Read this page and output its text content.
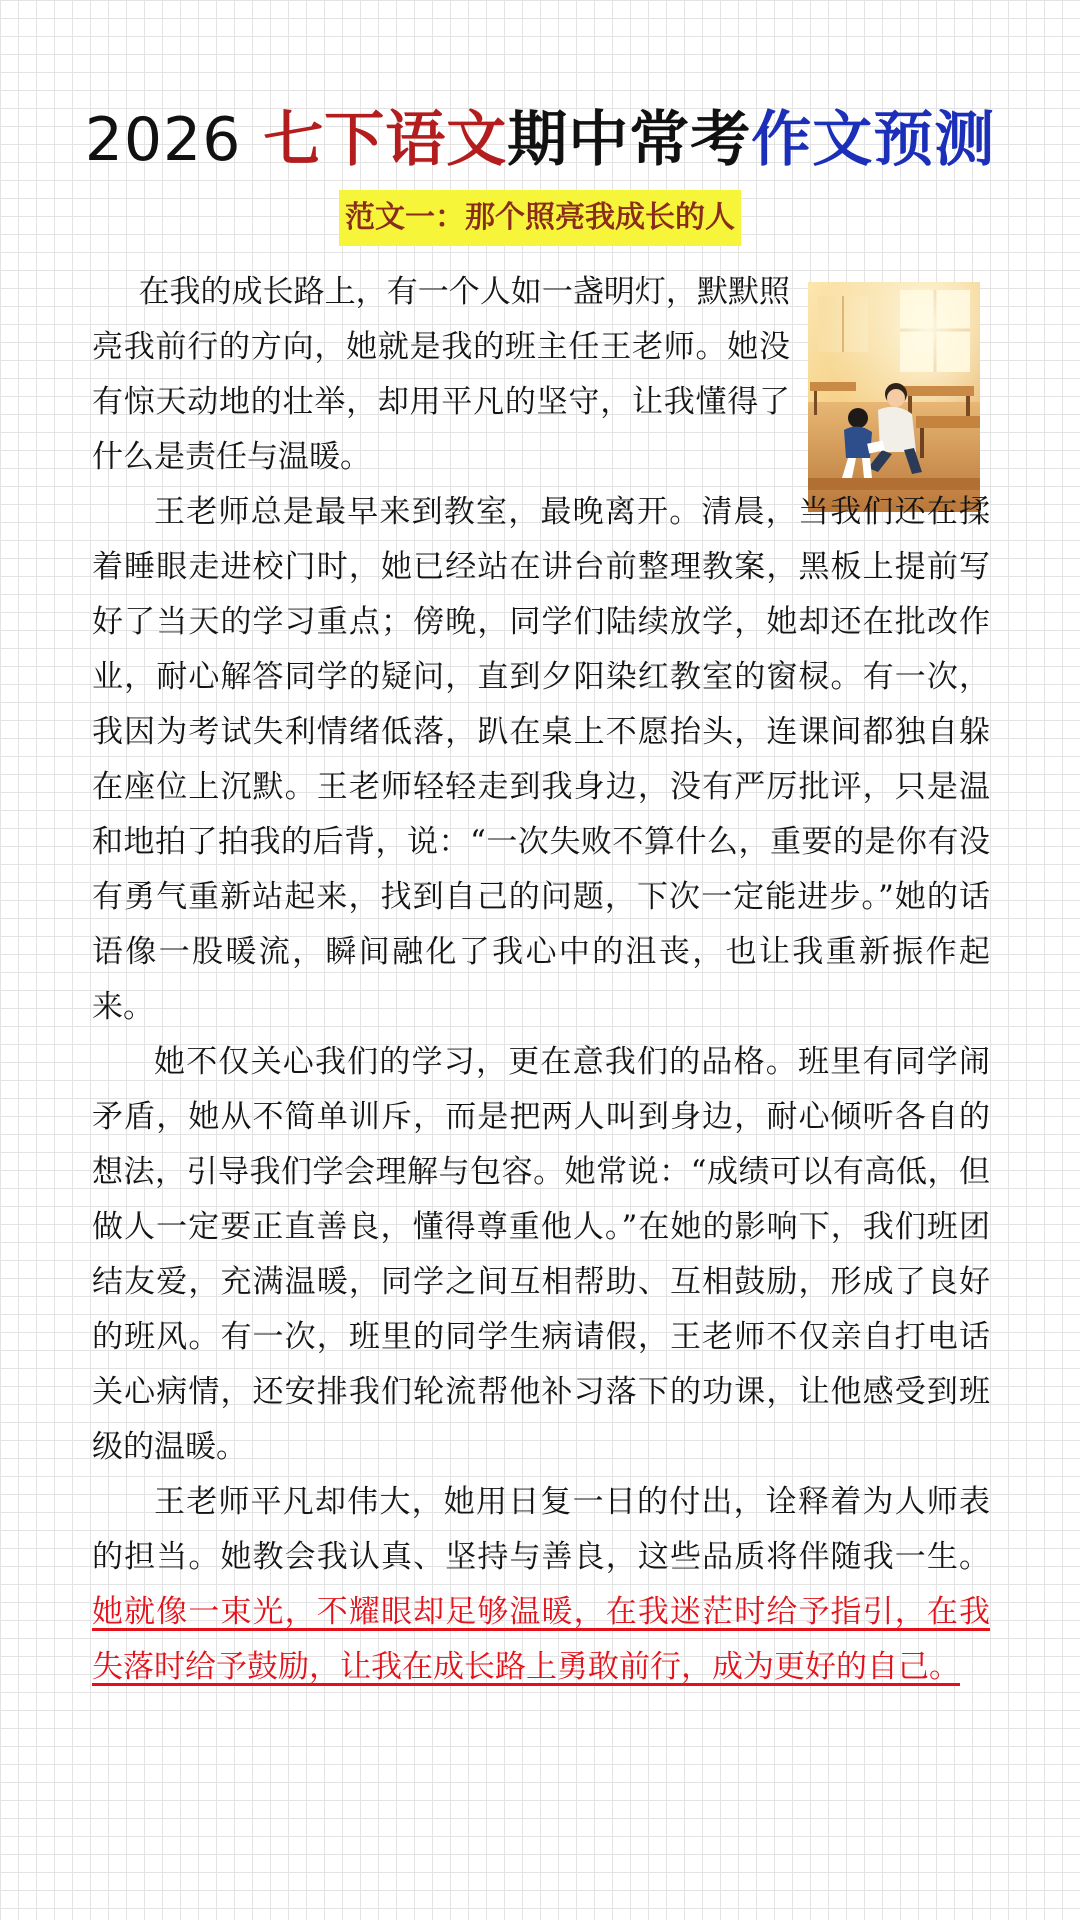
2026 七下语文期中常考作文预测
范文一：那个照亮我成长的人

在我的成长路上，有一个人如一盏明灯，默默照亮我前行的方向，她就是我的班主任王老师。她没有惊天动地的壮举，却用平凡的坚守，让我懂得了什么是责任与温暖。

王老师总是最早来到教室，最晚离开。清晨，当我们还在揉着睡眼走进校门时，她已经站在讲台前整理教案，黑板上提前写好了当天的学习重点；傍晚，同学们陆续放学，她却还在批改作业，耐心解答同学的疑问，直到夕阳染红教室的窗棂。有一次，我因为考试失利情绪低落，趴在桌上不愿抬头，连课间都独自躲在座位上沉默。王老师轻轻走到我身边，没有严厉批评，只是温和地拍了拍我的后背，说：“一次失败不算什么，重要的是你有没有勇气重新站起来，找到自己的问题，下次一定能进步。”她的话语像一股暖流，瞬间融化了我心中的沮丧，也让我重新振作起来。

她不仅关心我们的学习，更在意我们的品格。班里有同学闹矛盾，她从不简单训斥，而是把两人叫到身边，耐心倾听各自的想法，引导我们学会理解与包容。她常说：“成绩可以有高低，但做人一定要正直善良，懂得尊重他人。”在她的影响下，我们班团结友爱，充满温暖，同学之间互相帮助、互相鼓励，形成了良好的班风。有一次，班里的同学生病请假，王老师不仅亲自打电话关心病情，还安排我们轮流帮他补习落下的功课，让他感受到班级的温暖。

王老师平凡却伟大，她用日复一日的付出，诠释着为人师表的担当。她教会我认真、坚持与善良，这些品质将伴随我一生。她就像一束光，不耀眼却足够温暖，在我迷茫时给予指引，在我失落时给予鼓励，让我在成长路上勇敢前行，成为更好的自己。
